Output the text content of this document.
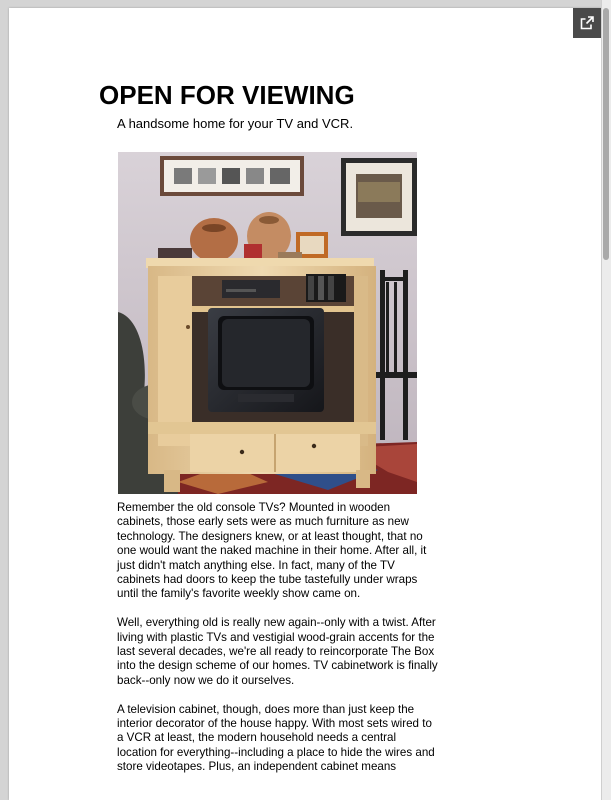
OPEN FOR VIEWING

A handsome home for your TV and VCR.

Remember the old console TVs? Mounted in wooden cabinets, those early sets were as much furniture as new technology. The designers knew, or at least thought, that no one would want the naked machine in their home. After all, it just didn't match anything else. In fact, many of the TV cabinets had doors to keep the tube tastefully under wraps until the family's favorite weekly show came on.

Well, everything old is really new again--only with a twist. After living with plastic TVs and vestigial wood-grain accents for the last several decades, we're all ready to reincorporate The Box into the design scheme of our homes. TV cabinetwork is finally back--only now we do it ourselves.

A television cabinet, though, does more than just keep the interior decorator of the house happy. With most sets wired to a VCR at least, the modern household needs a central location for everything--including a place to hide the wires and store videotapes. Plus, an independent cabinet means
